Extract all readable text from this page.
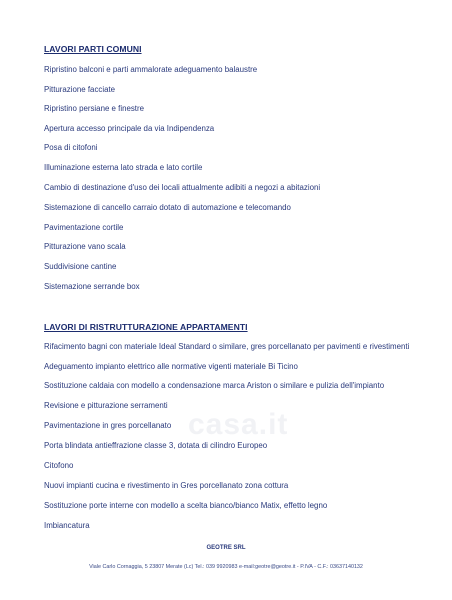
casa.it
LAVORI PARTI COMUNI
Ripristino balconi e parti ammalorate adeguamento balaustre
Pitturazione facciate
Ripristino persiane e finestre
Apertura accesso principale da via Indipendenza
Posa di citofoni
Illuminazione esterna lato strada e lato cortile
Cambio di destinazione d'uso dei locali attualmente adibiti a negozi a abitazioni
Sistemazione di cancello carraio dotato di automazione e telecomando
Pavimentazione cortile
Pitturazione vano scala
Suddivisione cantine
Sistemazione serrande box
LAVORI DI RISTRUTTURAZIONE APPARTAMENTI
Rifacimento bagni con materiale Ideal Standard o similare, gres porcellanato per pavimenti e rivestimenti
Adeguamento impianto elettrico alle normative vigenti materiale Bi Ticino
Sostituzione caldaia con modello a condensazione marca Ariston o similare e pulizia dell'impianto
Revisione e pitturazione serramenti
Pavimentazione in gres porcellanato
Porta blindata antieffrazione classe 3, dotata di cilindro Europeo
Citofono
Nuovi impianti cucina e rivestimento in Gres porcellanato zona cottura
Sostituzione porte interne con modello a scelta bianco/bianco Matix, effetto legno
Imbiancatura
GEOTRE SRL
Viale Carlo Cornaggia, 5 23807 Merate (Lc) Tel.: 039 9920983 e-mail:geotre@geotre.it - P.IVA - C.F.: 03637140132
